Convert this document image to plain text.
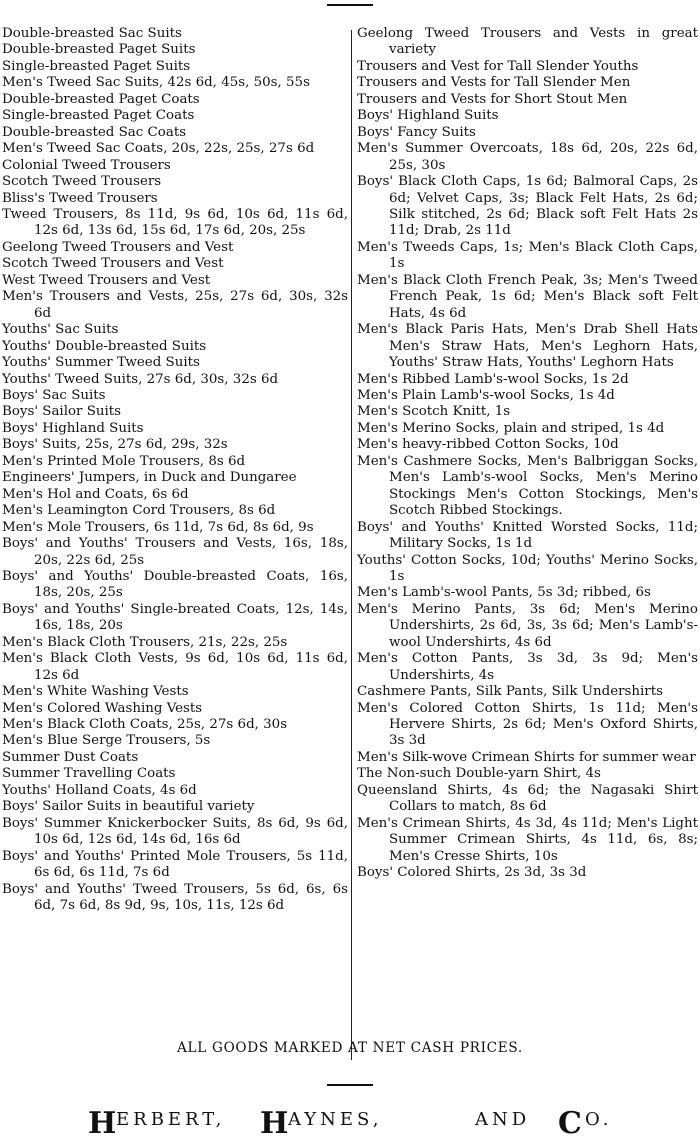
Double-breasted Sac Suits

Double-breasted Paget Suits

Single-breasted Paget Suits

Men's Tweed Sac Suits, 42s 6d, 45s, 50s, 55s

Double-breasted Paget Coats

Single-breasted Paget Coats

Double-breasted Sac Coats

Men's Tweed Sac Coats, 20s, 22s, 25s, 27s 6d

Colonial Tweed Trousers

Scotch Tweed Trousers

Bliss's Tweed Trousers

Tweed Trousers, 8s 11d, 9s 6d, 10s 6d, 11s 6d, 12s 6d, 13s 6d, 15s 6d, 17s 6d, 20s, 25s

Geelong Tweed Trousers and Vest

Scotch Tweed Trousers and Vest

West Tweed Trousers and Vest

Men's Trousers and Vests, 25s, 27s 6d, 30s, 32s 6d

Youths' Sac Suits

Youths' Double-breasted Suits

Youths' Summer Tweed Suits

Youths' Tweed Suits, 27s 6d, 30s, 32s 6d

Boys' Sac Suits

Boys' Sailor Suits

Boys' Highland Suits

Boys' Suits, 25s, 27s 6d, 29s, 32s

Men's Printed Mole Trousers, 8s 6d

Engineers' Jumpers, in Duck and Dungaree

Men's Hol and Coats, 6s 6d

Men's Leamington Cord Trousers, 8s 6d

Men's Mole Trousers, 6s 11d, 7s 6d, 8s 6d, 9s

Boys' and Youths' Trousers and Vests, 16s, 18s, 20s, 22s 6d, 25s

Boys' and Youths' Double-breasted Coats, 16s, 18s, 20s, 25s

Boys' and Youths' Single-breated Coats, 12s, 14s, 16s, 18s, 20s

Men's Black Cloth Trousers, 21s, 22s, 25s

Men's Black Cloth Vests, 9s 6d, 10s 6d, 11s 6d, 12s 6d

Men's White Washing Vests

Men's Colored Washing Vests

Men's Black Cloth Coats, 25s, 27s 6d, 30s

Men's Blue Serge Trousers, 5s

Summer Dust Coats

Summer Travelling Coats

Youths' Holland Coats, 4s 6d

Boys' Sailor Suits in beautiful variety

Boys' Summer Knickerbocker Suits, 8s 6d, 9s 6d, 10s 6d, 12s 6d, 14s 6d, 16s 6d

Boys' and Youths' Printed Mole Trousers, 5s 11d, 6s 6d, 6s 11d, 7s 6d

Boys' and Youths' Tweed Trousers, 5s 6d, 6s, 6s 6d, 7s 6d, 8s 9d, 9s, 10s, 11s, 12s 6d

Geelong Tweed Trousers and Vests in great variety

Trousers and Vest for Tall Slender Youths

Trousers and Vests for Tall Slender Men

Trousers and Vests for Short Stout Men

Boys' Highland Suits

Boys' Fancy Suits

Men's Summer Overcoats, 18s 6d, 20s, 22s 6d, 25s, 30s

Boys' Black Cloth Caps, 1s 6d; Balmoral Caps, 2s 6d; Velvet Caps, 3s; Black Felt Hats, 2s 6d; Silk stitched, 2s 6d; Black soft Felt Hats 2s 11d; Drab, 2s 11d

Men's Tweeds Caps, 1s; Men's Black Cloth Caps, 1s

Men's Black Cloth French Peak, 3s; Men's Tweed French Peak, 1s 6d; Men's Black soft Felt Hats, 4s 6d

Men's Black Paris Hats, Men's Drab Shell Hats Men's Straw Hats, Men's Leghorn Hats, Youths' Straw Hats, Youths' Leghorn Hats

Men's Ribbed Lamb's-wool Socks, 1s 2d

Men's Plain Lamb's-wool Socks, 1s 4d

Men's Scotch Knitt, 1s

Men's Merino Socks, plain and striped, 1s 4d

Men's heavy-ribbed Cotton Socks, 10d

Men's Cashmere Socks, Men's Balbriggan Socks, Men's Lamb's-wool Socks, Men's Merino Stockings Men's Cotton Stockings, Men's Scotch Ribbed Stockings.

Boys' and Youths' Knitted Worsted Socks, 11d; Military Socks, 1s 1d

Youths' Cotton Socks, 10d; Youths' Merino Socks, 1s

Men's Lamb's-wool Pants, 5s 3d; ribbed, 6s

Men's Merino Pants, 3s 6d; Men's Merino Undershirts, 2s 6d, 3s, 3s 6d; Men's Lamb's-wool Undershirts, 4s 6d

Men's Cotton Pants, 3s 3d, 3s 9d; Men's Undershirts, 4s

Cashmere Pants, Silk Pants, Silk Undershirts

Men's Colored Cotton Shirts, 1s 11d; Men's Hervere Shirts, 2s 6d; Men's Oxford Shirts, 3s 3d

Men's Silk-wove Crimean Shirts for summer wear

The Non-such Double-yarn Shirt, 4s

Queensland Shirts, 4s 6d; the Nagasaki Shirt Collars to match, 8s 6d

Men's Crimean Shirts, 4s 3d, 4s 11d; Men's Light Summer Crimean Shirts, 4s 11d, 6s, 8s; Men's Cresse Shirts, 10s

Boys' Colored Shirts, 2s 3d, 3s 3d

ALL GOODS MARKED AT NET CASH PRICES.
H ERBERT, H AYNES,	AND C O.
